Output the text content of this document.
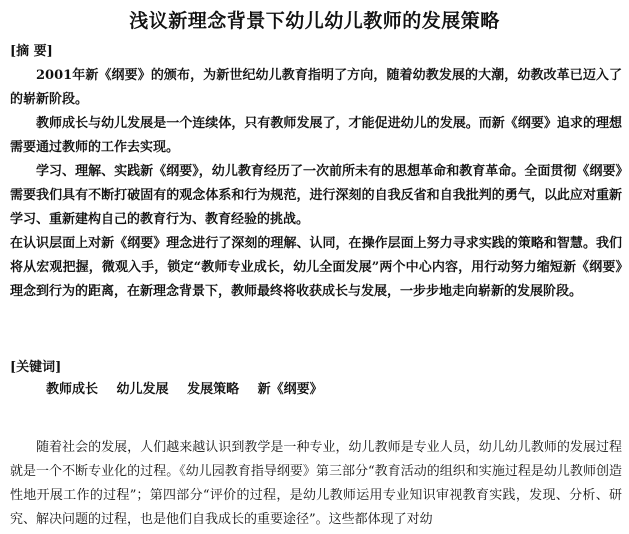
浅议新理念背景下幼儿幼儿教师的发展策略
[摘 要]

2001年新《纲要》的颁布，为新世纪幼儿教育指明了方向，随着幼教发展的大潮，幼教改革已迈入了的崭新阶段。

教师成长与幼儿发展是一个连续体，只有教师发展了，才能促进幼儿的发展。而新《纲要》追求的理想需要通过教师的工作去实现。

学习、理解、实践新《纲要》，幼儿教育经历了一次前所未有的思想革命和教育革命。全面贯彻《纲要》需要我们具有不断打破固有的观念体系和行为规范，进行深刻的自我反省和自我批判的勇气，以此应对重新学习、重新建构自己的教育行为、教育经验的挑战。

在认识层面上对新《纲要》理念进行了深刻的理解、认同，在操作层面上努力寻求实践的策略和智慧。我们将从宏观把握，微观入手，锁定“教师专业成长，幼儿全面发展”两个中心内容，用行动努力缩短新《纲要》理念到行为的距离，在新理念背景下，教师最终将收获成长与发展，一步步地走向崭新的发展阶段。

[关键词]
教师成长 幼儿发展 发展策略 新《纲要》
随着社会的发展，人们越来越认识到教学是一种专业，幼儿教师是专业人员，幼儿幼儿教师的发展过程就是一个不断专业化的过程。《幼儿园教育指导纲要》第三部分“教育活动的组织和实施过程是幼儿教师创造性地开展工作的过程”；第四部分“评价的过程，是幼儿教师运用专业知识审视教育实践，发现、分析、研究、解决问题的过程，也是他们自我成长的重要途径”。这些都体现了对幼
